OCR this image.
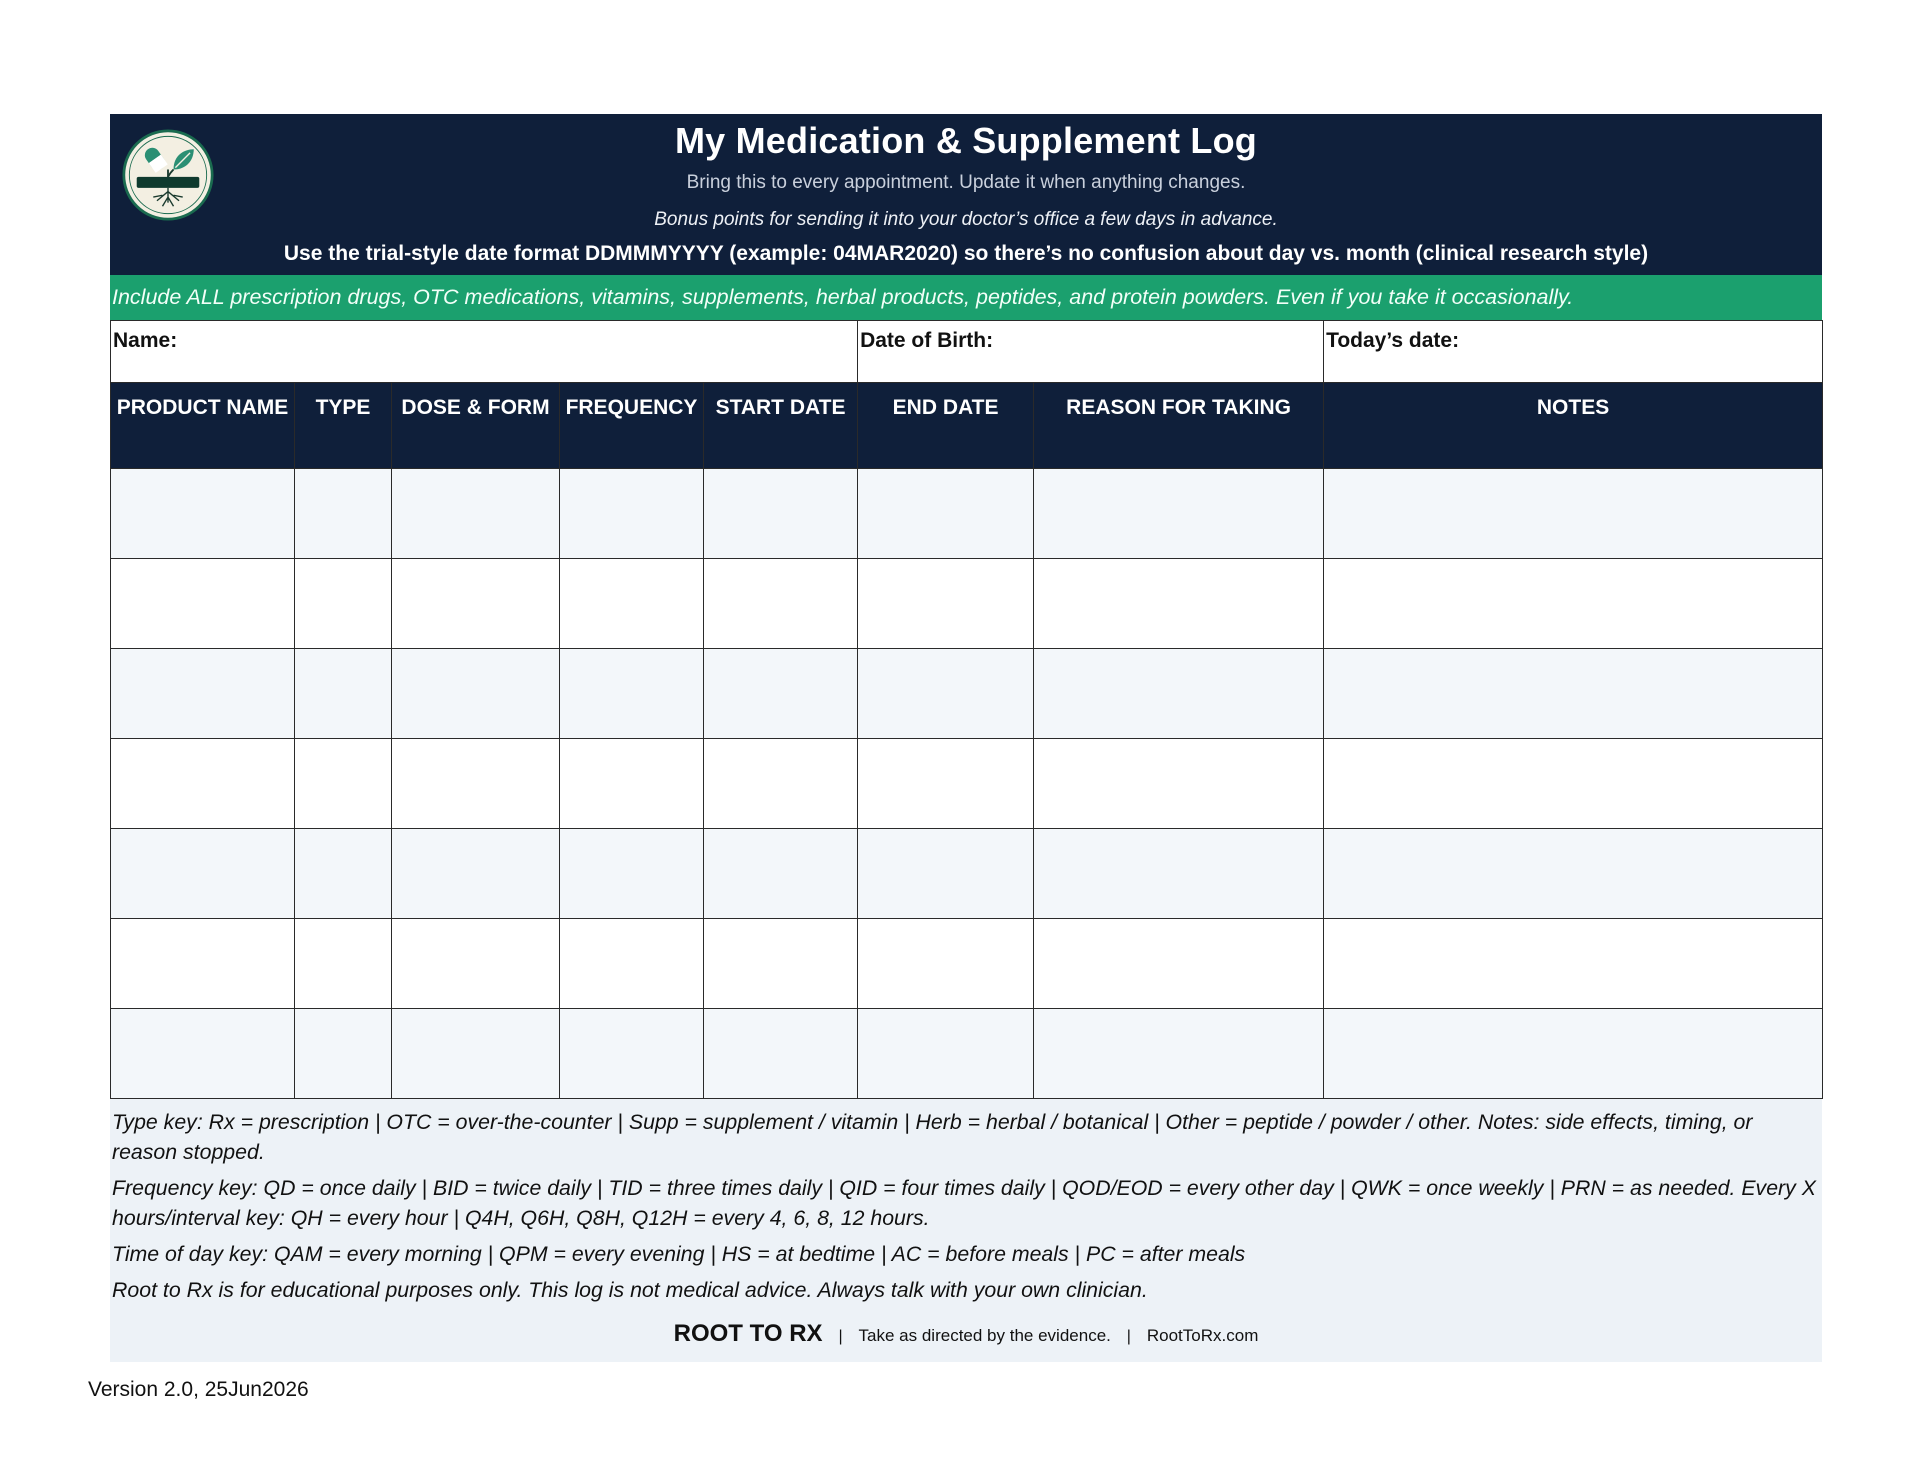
My Medication & Supplement Log
Bring this to every appointment. Update it when anything changes.
Bonus points for sending it into your doctor’s office a few days in advance.
Use the trial-style date format DDMMMYYYY (example: 04MAR2020) so there’s no confusion about day vs. month (clinical research style)
Include ALL prescription drugs, OTC medications, vitamins, supplements, herbal products, peptides, and protein powders. Even if you take it occasionally.
Name:					Date of Birth:		Today’s date:
PRODUCT NAME	TYPE	DOSE & FORM	FREQUENCY	START DATE	END DATE	REASON FOR TAKING	NOTES

Type key: Rx = prescription | OTC = over-the-counter | Supp = supplement / vitamin | Herb = herbal / botanical | Other = peptide / powder / other. Notes: side effects, timing, or reason stopped.

Frequency key: QD = once daily | BID = twice daily | TID = three times daily | QID = four times daily | QOD/EOD = every other day | QWK = once weekly | PRN = as needed. Every X hours/interval key: QH = every hour | Q4H, Q6H, Q8H, Q12H = every 4, 6, 8, 12 hours.

Time of day key: QAM = every morning | QPM = every evening | HS = at bedtime | AC = before meals | PC = after meals

Root to Rx is for educational purposes only. This log is not medical advice. Always talk with your own clinician.

ROOT TO RX | Take as directed by the evidence. | RootToRx.com
Version 2.0, 25Jun2026
